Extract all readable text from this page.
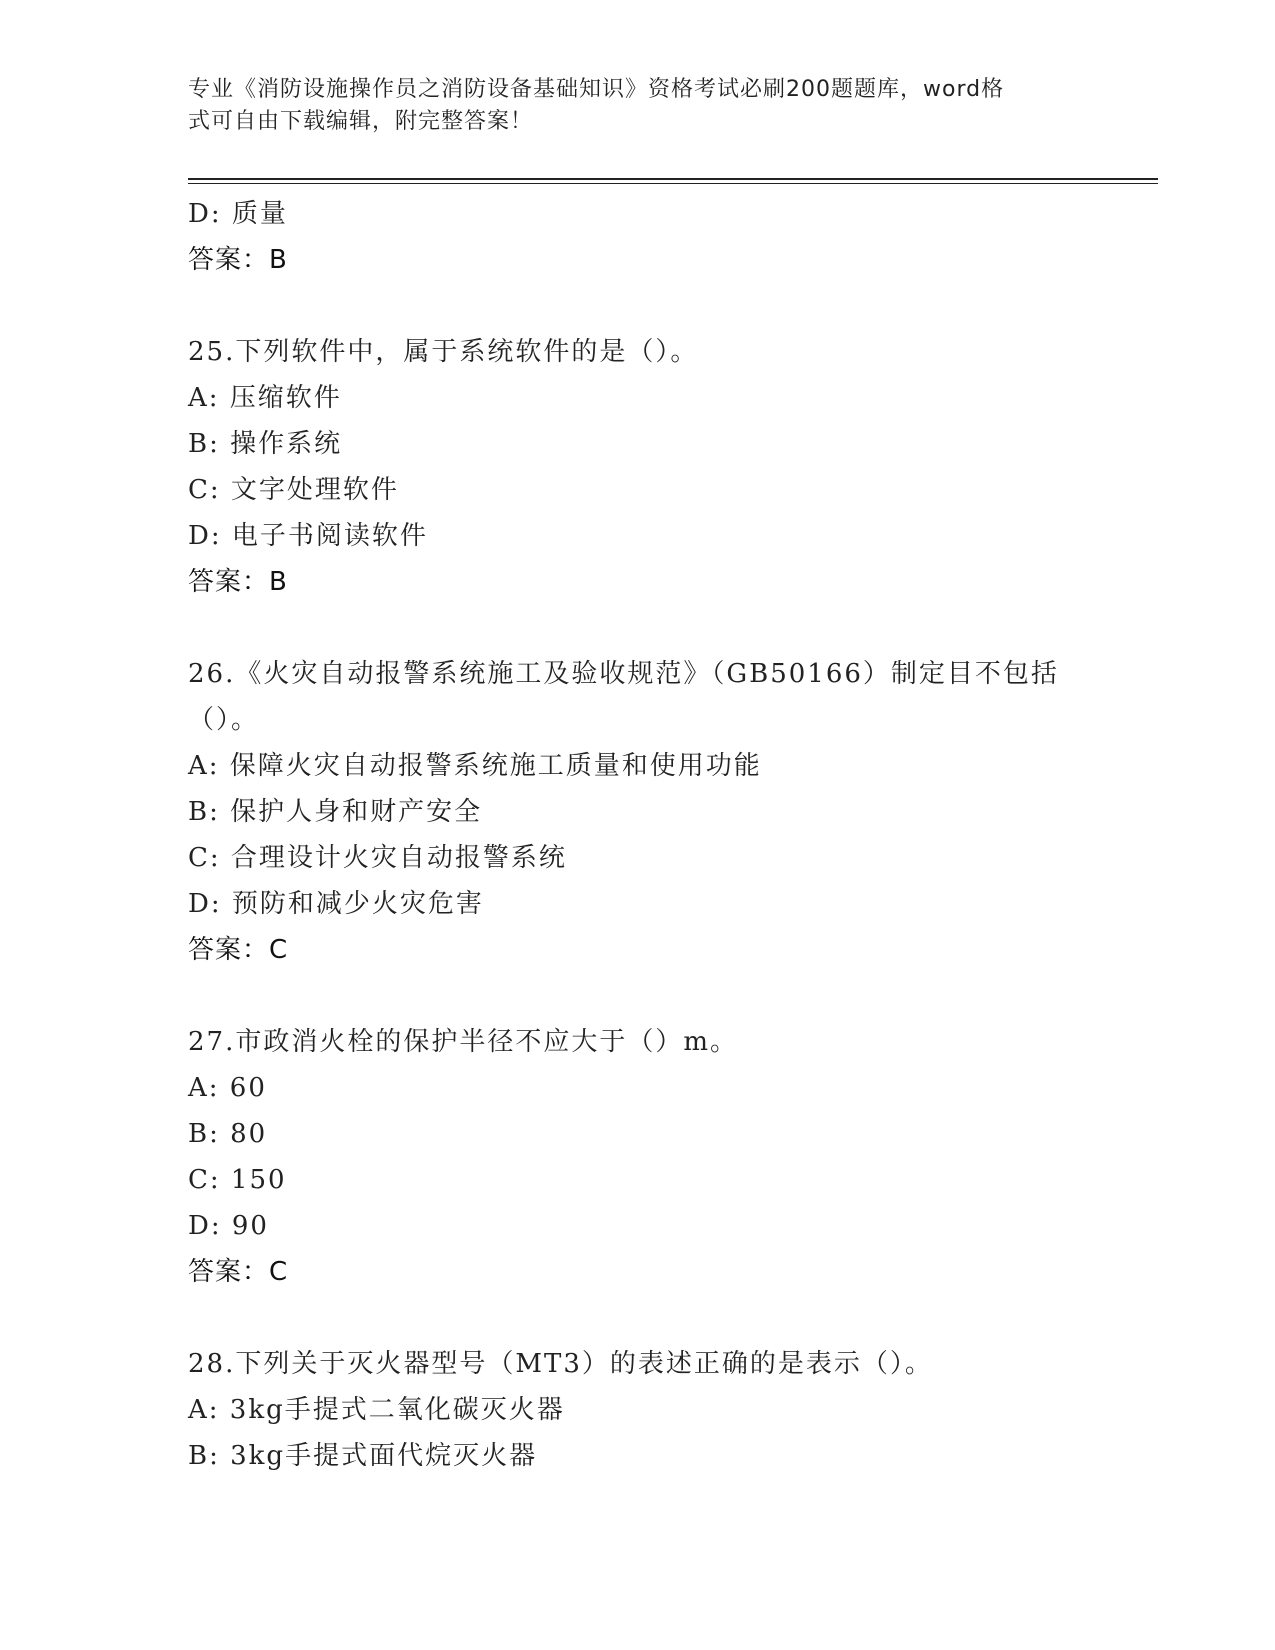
专业《消防设施操作员之消防设备基础知识》资格考试必刷200题题库，word格
式可自由下载编辑，附完整答案！
D: 质量
答案：B
25.下列软件中，属于系统软件的是（）。
A: 压缩软件
B: 操作系统
C: 文字处理软件
D: 电子书阅读软件
答案：B
26.《火灾自动报警系统施工及验收规范》（GB50166）制定目不包括（）。
A: 保障火灾自动报警系统施工质量和使用功能
B: 保护人身和财产安全
C: 合理设计火灾自动报警系统
D: 预防和减少火灾危害
答案：C
27.市政消火栓的保护半径不应大于（）m。
A: 60
B: 80
C: 150
D: 90
答案：C
28.下列关于灭火器型号（MT3）的表述正确的是表示（）。
A: 3kg手提式二氧化碳灭火器
B: 3kg手提式面代烷灭火器
